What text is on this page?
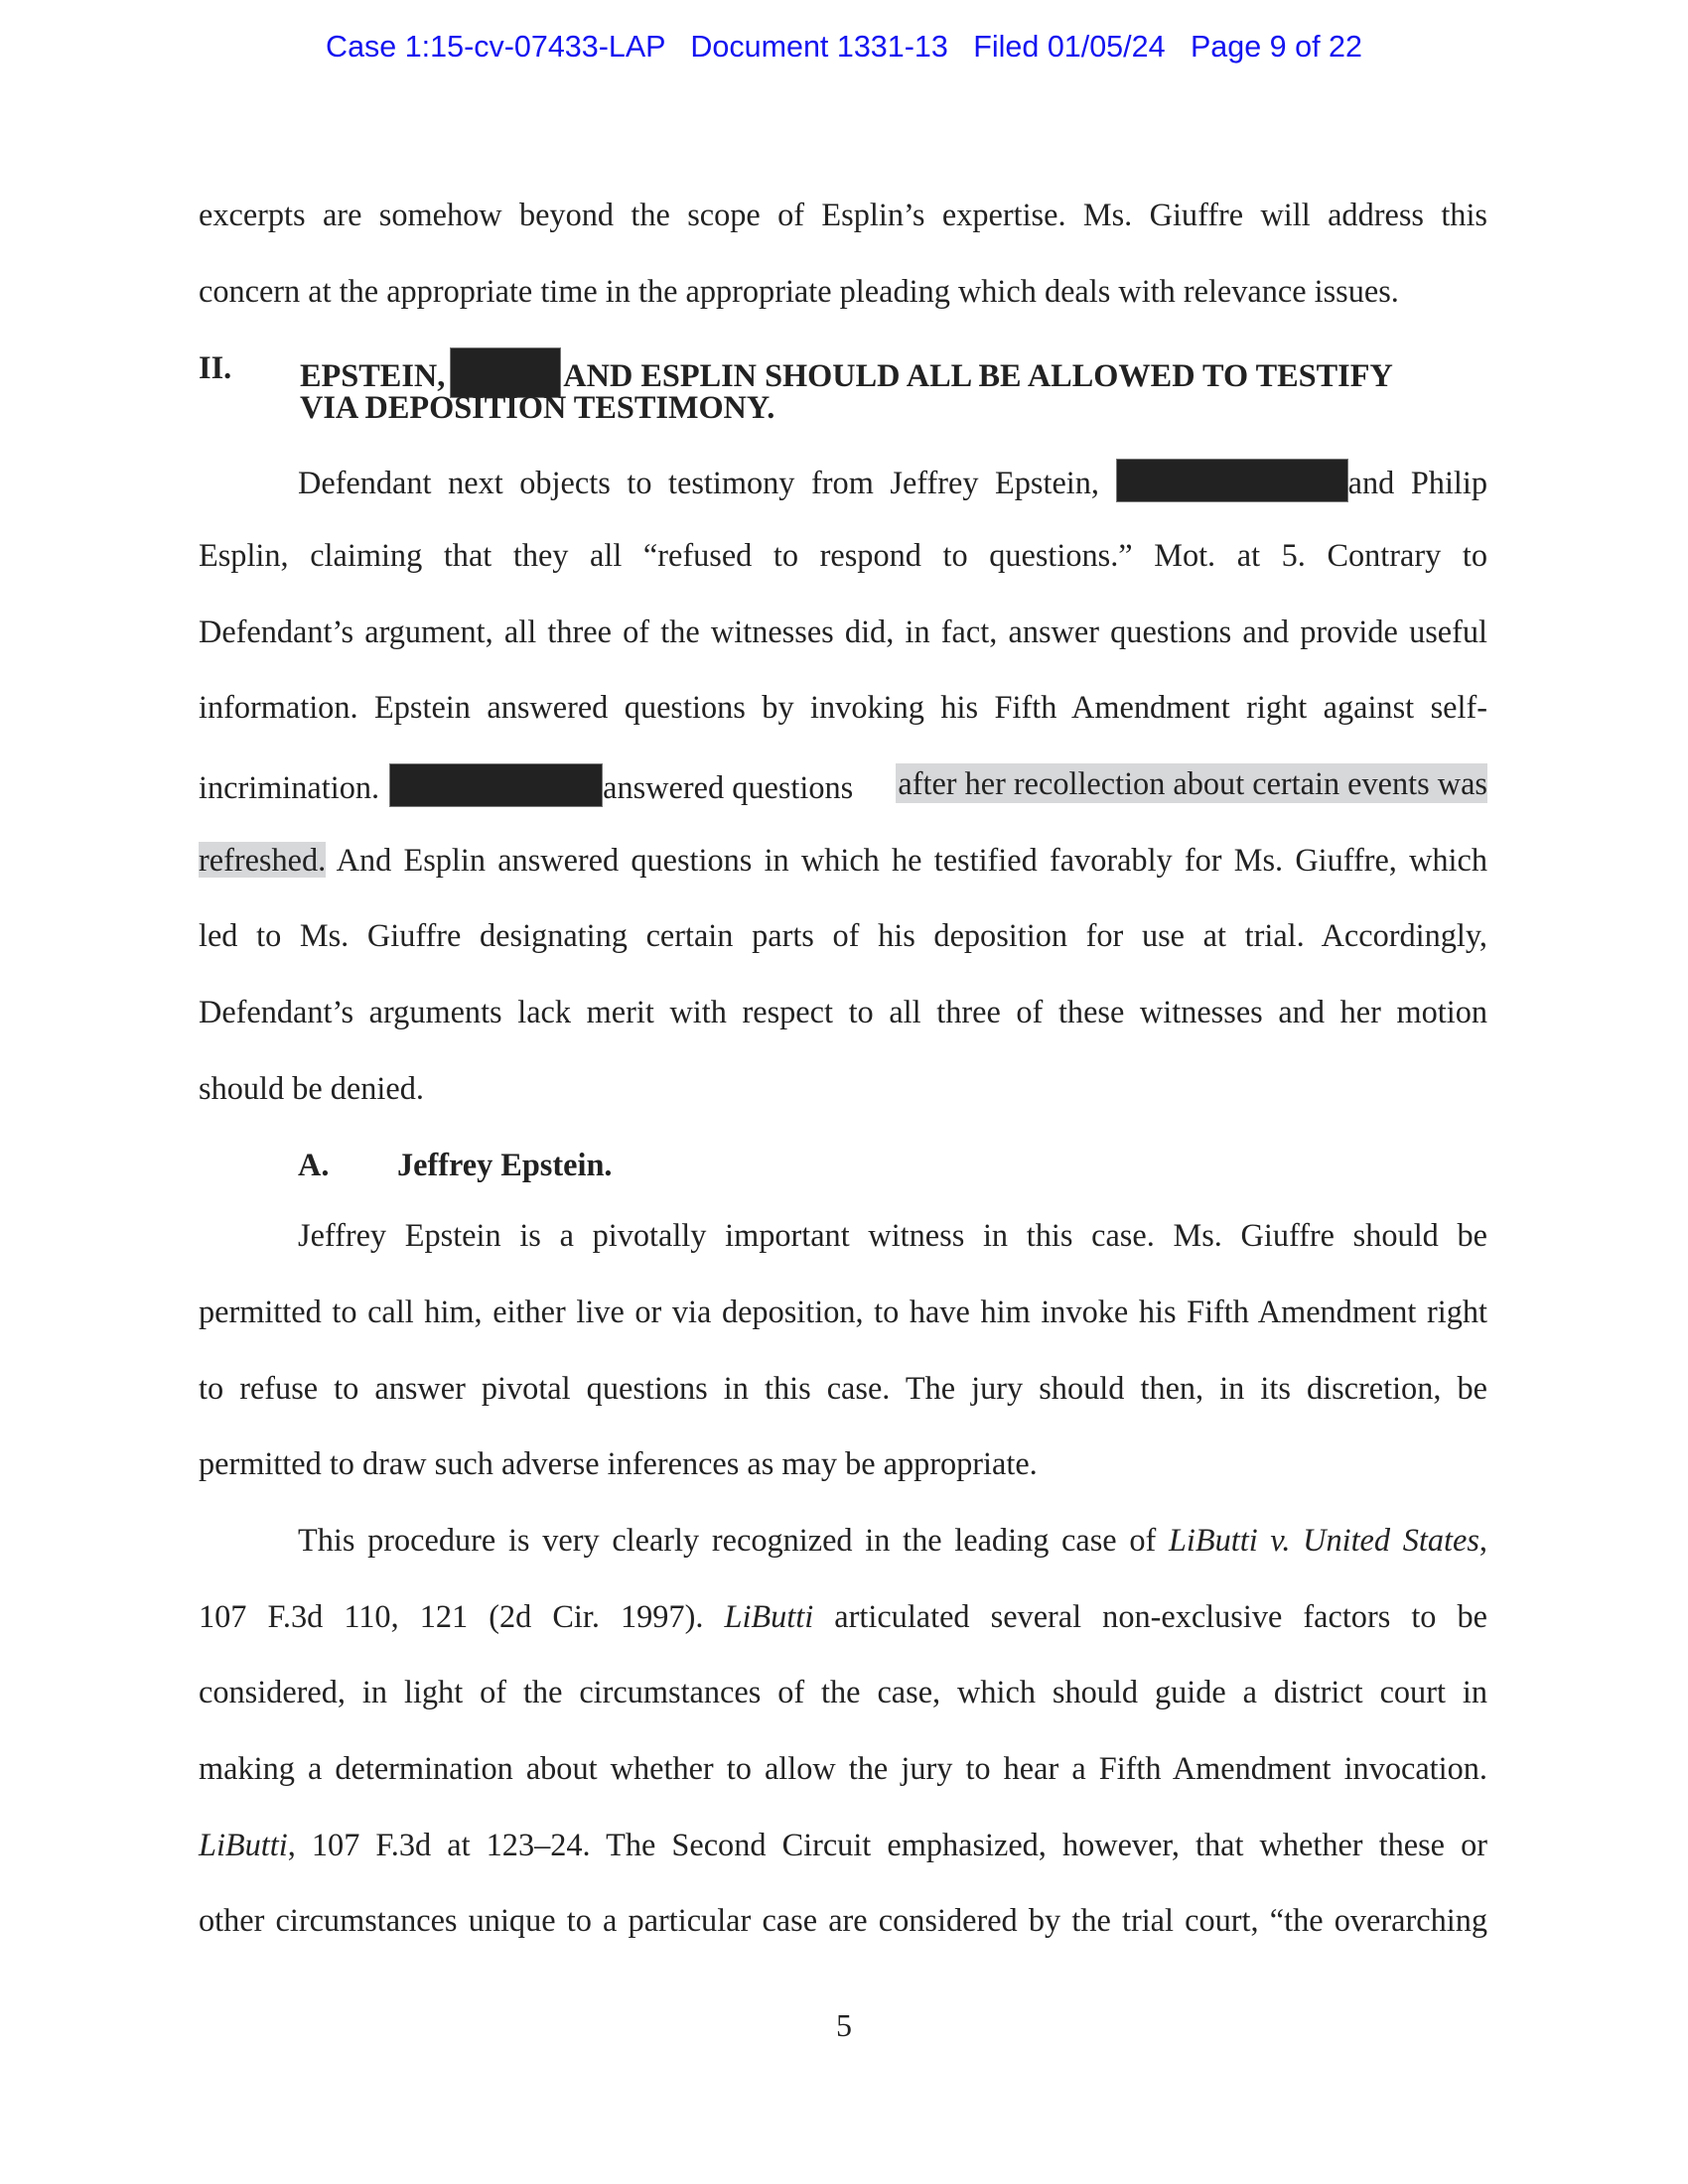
Case 1:15-cv-07433-LAP Document 1331-13 Filed 01/05/24 Page 9 of 22
excerpts are somehow beyond the scope of Esplin’s expertise. Ms. Giuffre will address this
concern at the appropriate time in the appropriate pleading which deals with relevance issues.
II. EPSTEIN,	AND ESPLIN SHOULD ALL BE ALLOWED TO TESTIFY
VIA DEPOSITION TESTIMONY.
Defendant next objects to testimony from Jeffrey Epstein,	and Philip
Esplin, claiming that they all “refused to respond to questions.” Mot. at 5. Contrary to
Defendant’s argument, all three of the witnesses did, in fact, answer questions and provide useful
information. Epstein answered questions by invoking his Fifth Amendment right against self-
incrimination.	answered questions after her recollection about certain events was
refreshed. And Esplin answered questions in which he testified favorably for Ms. Giuffre, which
led to Ms. Giuffre designating certain parts of his deposition for use at trial. Accordingly,
Defendant’s arguments lack merit with respect to all three of these witnesses and her motion
should be denied.
A. Jeffrey Epstein.
Jeffrey Epstein is a pivotally important witness in this case. Ms. Giuffre should be
permitted to call him, either live or via deposition, to have him invoke his Fifth Amendment right
to refuse to answer pivotal questions in this case. The jury should then, in its discretion, be
permitted to draw such adverse inferences as may be appropriate.
This procedure is very clearly recognized in the leading case of LiButti v. United States,
107 F.3d 110, 121 (2d Cir. 1997). LiButti articulated several non-exclusive factors to be
considered, in light of the circumstances of the case, which should guide a district court in
making a determination about whether to allow the jury to hear a Fifth Amendment invocation.
LiButti, 107 F.3d at 123–24. The Second Circuit emphasized, however, that whether these or
other circumstances unique to a particular case are considered by the trial court, “the overarching
5
